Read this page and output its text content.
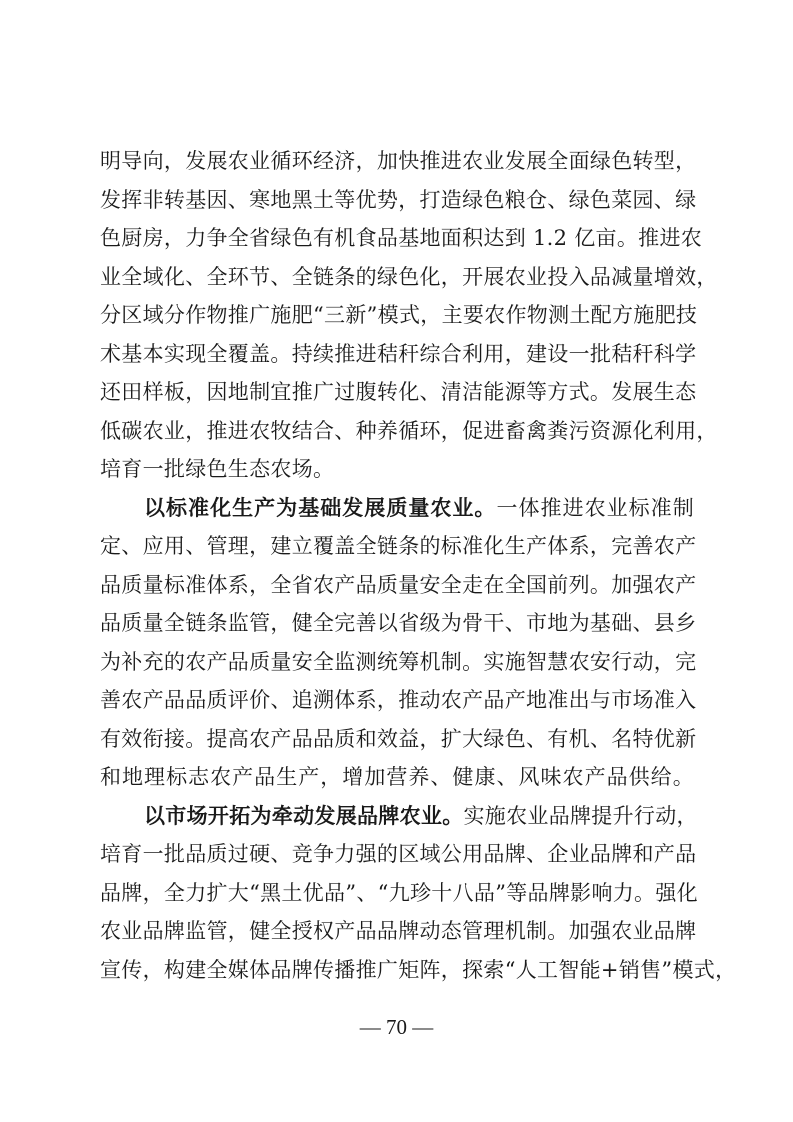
明导向，发展农业循环经济，加快推进农业发展全面绿色转型，
发挥非转基因、寒地黑土等优势，打造绿色粮仓、绿色菜园、绿
色厨房，力争全省绿色有机食品基地面积达到 1.2 亿亩。推进农
业全域化、全环节、全链条的绿色化，开展农业投入品减量增效，
分区域分作物推广施肥“三新”模式，主要农作物测土配方施肥技
术基本实现全覆盖。持续推进秸秆综合利用，建设一批秸秆科学
还田样板，因地制宜推广过腹转化、清洁能源等方式。发展生态
低碳农业，推进农牧结合、种养循环，促进畜禽粪污资源化利用，
培育一批绿色生态农场。
以标准化生产为基础发展质量农业。一体推进农业标准制
定、应用、管理，建立覆盖全链条的标准化生产体系，完善农产
品质量标准体系，全省农产品质量安全走在全国前列。加强农产
品质量全链条监管，健全完善以省级为骨干、市地为基础、县乡
为补充的农产品质量安全监测统筹机制。实施智慧农安行动，完
善农产品品质评价、追溯体系，推动农产品产地准出与市场准入
有效衔接。提高农产品品质和效益，扩大绿色、有机、名特优新
和地理标志农产品生产，增加营养、健康、风味农产品供给。
以市场开拓为牵动发展品牌农业。实施农业品牌提升行动，
培育一批品质过硬、竞争力强的区域公用品牌、企业品牌和产品
品牌，全力扩大“黑土优品”、“九珍十八品”等品牌影响力。强化
农业品牌监管，健全授权产品品牌动态管理机制。加强农业品牌
宣传，构建全媒体品牌传播推广矩阵，探索“人工智能+销售”模式，
— 70 —
